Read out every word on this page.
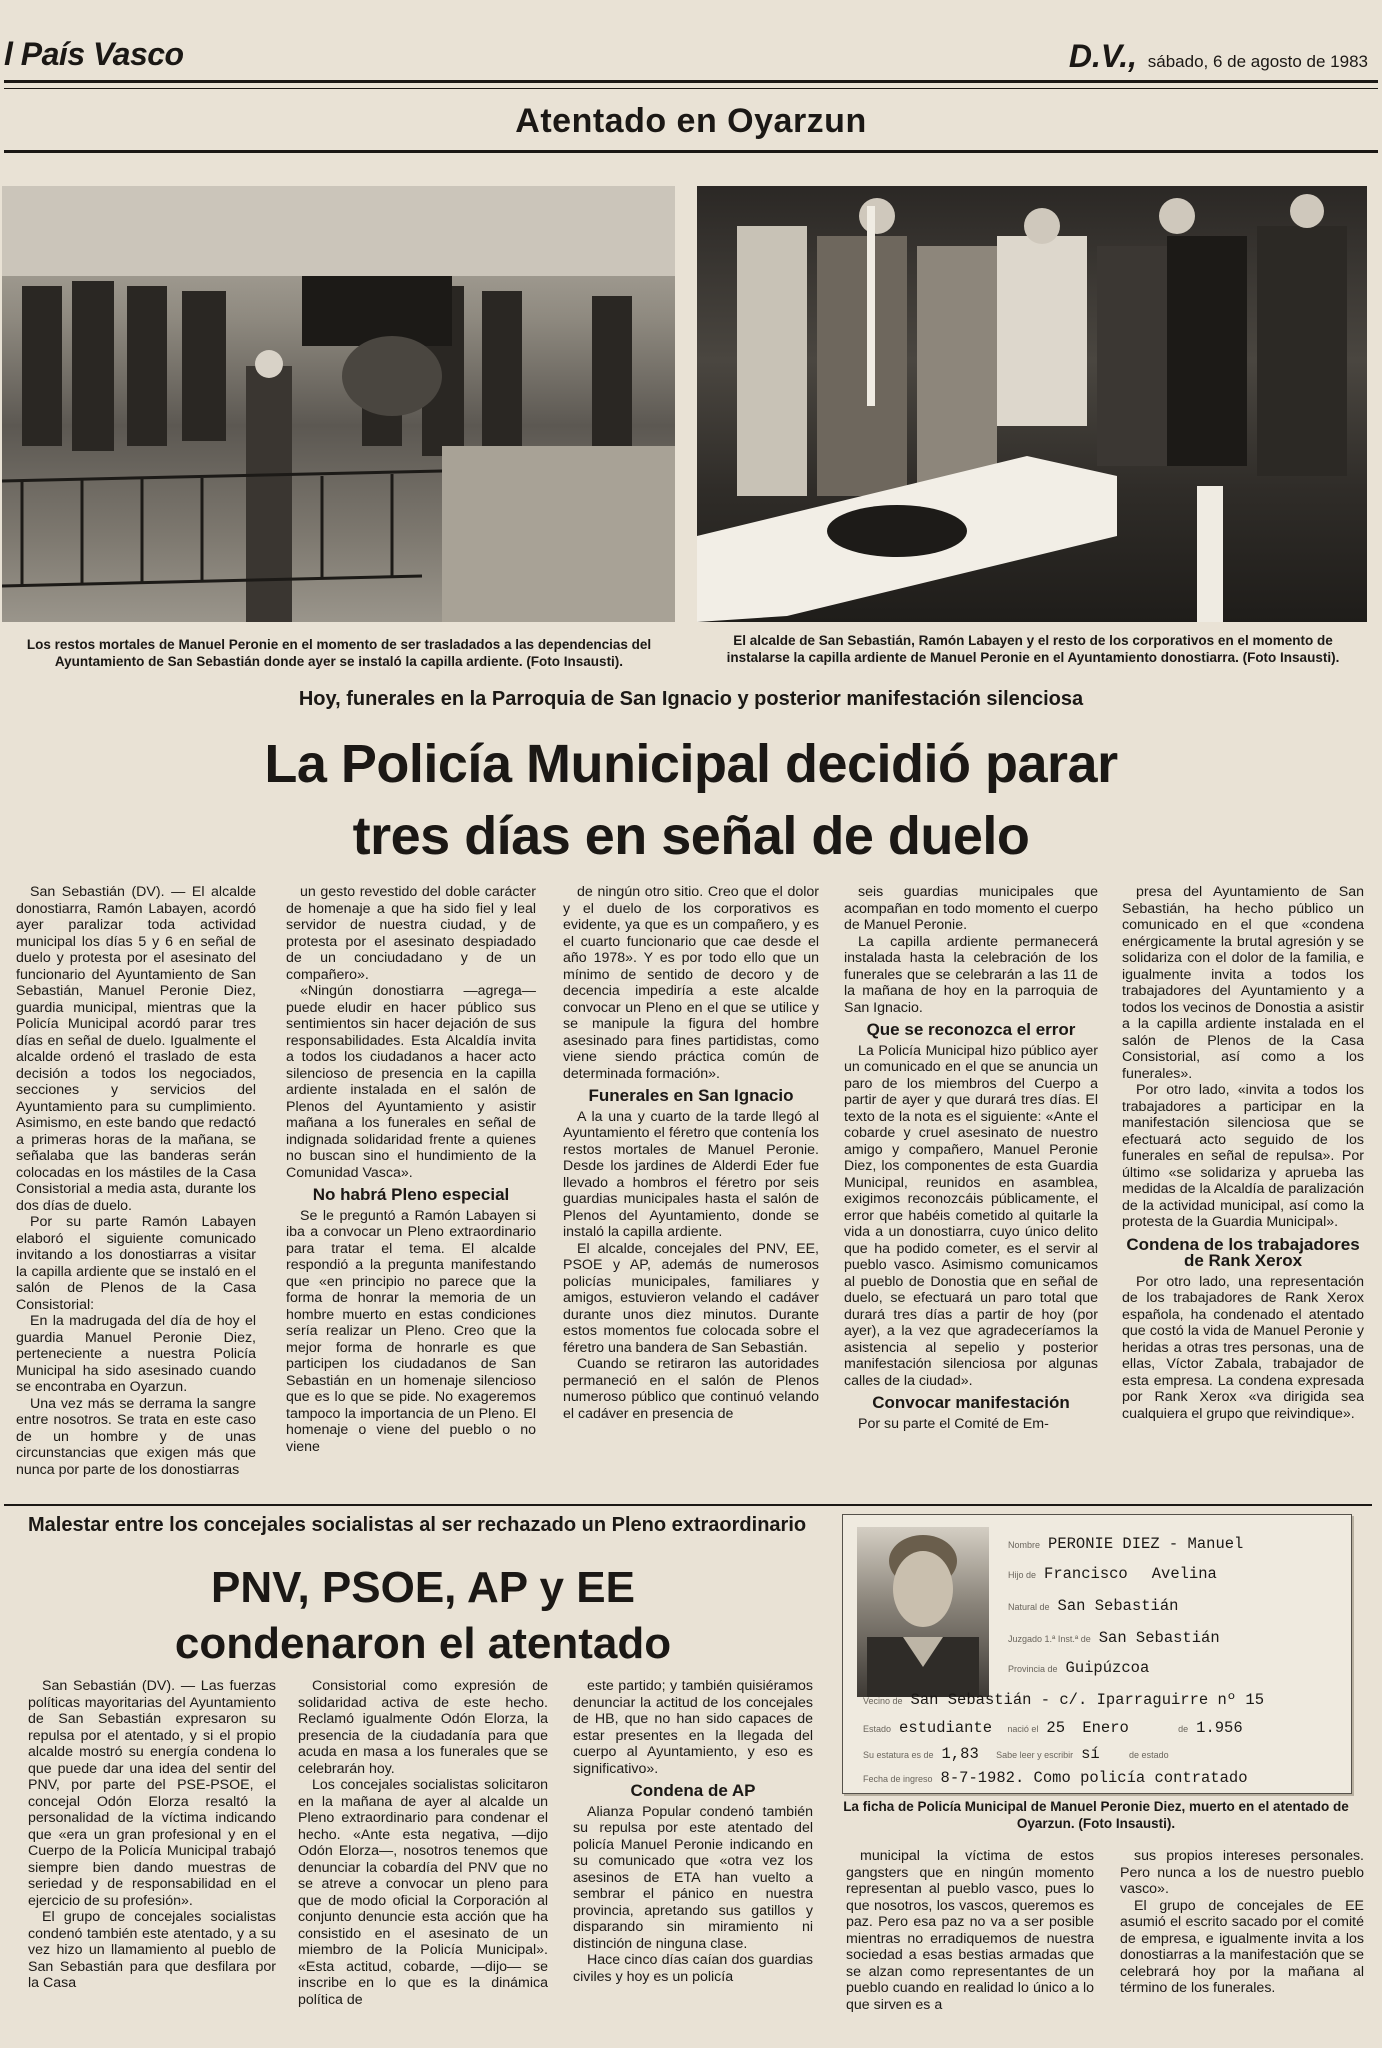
l País Vasco	D.V., sábado, 6 de agosto de 1983
Atentado en Oyarzun
Los restos mortales de Manuel Peronie en el momento de ser trasladados a las dependencias del Ayuntamiento de San Sebastián donde ayer se instaló la capilla ardiente. (Foto Insausti).
El alcalde de San Sebastián, Ramón Labayen y el resto de los corporativos en el momento de instalarse la capilla ardiente de Manuel Peronie en el Ayuntamiento donostiarra. (Foto Insausti).
Hoy, funerales en la Parroquia de San Ignacio y posterior manifestación silenciosa
La Policía Municipal decidió parar
tres días en señal de duelo

San Sebastián (DV). — El alcalde donostiarra, Ramón Labayen, acordó ayer paralizar toda actividad municipal los días 5 y 6 en señal de duelo y protesta por el asesinato del funcionario del Ayuntamiento de San Sebastián, Manuel Peronie Diez, guardia municipal, mientras que la Policía Municipal acordó parar tres días en señal de duelo. Igualmente el alcalde ordenó el traslado de esta decisión a todos los negociados, secciones y servicios del Ayuntamiento para su cumplimiento. Asimismo, en este bando que redactó a primeras horas de la mañana, se señalaba que las banderas serán colocadas en los mástiles de la Casa Consistorial a media asta, durante los dos días de duelo.

Por su parte Ramón Labayen elaboró el siguiente comunicado invitando a los donostiarras a visitar la capilla ardiente que se instaló en el salón de Plenos de la Casa Consistorial:

En la madrugada del día de hoy el guardia Manuel Peronie Diez, perteneciente a nuestra Policía Municipal ha sido asesinado cuando se encontraba en Oyarzun.

Una vez más se derrama la sangre entre nosotros. Se trata en este caso de un hombre y de unas circunstancias que exigen más que nunca por parte de los donostiarras

un gesto revestido del doble carácter de homenaje a que ha sido fiel y leal servidor de nuestra ciudad, y de protesta por el asesinato despiadado de un conciudadano y de un compañero».

«Ningún donostiarra —agrega— puede eludir en hacer público sus sentimientos sin hacer dejación de sus responsabilidades. Esta Alcaldía invita a todos los ciudadanos a hacer acto silencioso de presencia en la capilla ardiente instalada en el salón de Plenos del Ayuntamiento y asistir mañana a los funerales en señal de indignada solidaridad frente a quienes no buscan sino el hundimiento de la Comunidad Vasca».

No habrá Pleno especial

Se le preguntó a Ramón Labayen si iba a convocar un Pleno extraordinario para tratar el tema. El alcalde respondió a la pregunta manifestando que «en principio no parece que la forma de honrar la memoria de un hombre muerto en estas condiciones sería realizar un Pleno. Creo que la mejor forma de honrarle es que participen los ciudadanos de San Sebastián en un homenaje silencioso que es lo que se pide. No exageremos tampoco la importancia de un Pleno. El homenaje o viene del pueblo o no viene

de ningún otro sitio. Creo que el dolor y el duelo de los corporativos es evidente, ya que es un compañero, y es el cuarto funcionario que cae desde el año 1978». Y es por todo ello que un mínimo de sentido de decoro y de decencia impediría a este alcalde convocar un Pleno en el que se utilice y se manipule la figura del hombre asesinado para fines partidistas, como viene siendo práctica común de determinada formación».

Funerales en San Ignacio

A la una y cuarto de la tarde llegó al Ayuntamiento el féretro que contenía los restos mortales de Manuel Peronie. Desde los jardines de Alderdi Eder fue llevado a hombros el féretro por seis guardias municipales hasta el salón de Plenos del Ayuntamiento, donde se instaló la capilla ardiente.

El alcalde, concejales del PNV, EE, PSOE y AP, además de numerosos policías municipales, familiares y amigos, estuvieron velando el cadáver durante unos diez minutos. Durante estos momentos fue colocada sobre el féretro una bandera de San Sebastián.

Cuando se retiraron las autoridades permaneció en el salón de Plenos numeroso público que continuó velando el cadáver en presencia de

seis guardias municipales que acompañan en todo momento el cuerpo de Manuel Peronie.

La capilla ardiente permanecerá instalada hasta la celebración de los funerales que se celebrarán a las 11 de la mañana de hoy en la parroquia de San Ignacio.

Que se reconozca el error

La Policía Municipal hizo público ayer un comunicado en el que se anuncia un paro de los miembros del Cuerpo a partir de ayer y que durará tres días. El texto de la nota es el siguiente: «Ante el cobarde y cruel asesinato de nuestro amigo y compañero, Manuel Peronie Diez, los componentes de esta Guardia Municipal, reunidos en asamblea, exigimos reconozcáis públicamente, el error que habéis cometido al quitarle la vida a un donostiarra, cuyo único delito que ha podido cometer, es el servir al pueblo vasco. Asimismo comunicamos al pueblo de Donostia que en señal de duelo, se efectuará un paro total que durará tres días a partir de hoy (por ayer), a la vez que agradeceríamos la asistencia al sepelio y posterior manifestación silenciosa por algunas calles de la ciudad».

Convocar manifestación

Por su parte el Comité de Em-

presa del Ayuntamiento de San Sebastián, ha hecho público un comunicado en el que «condena enérgicamente la brutal agresión y se solidariza con el dolor de la familia, e igualmente invita a todos los trabajadores del Ayuntamiento y a todos los vecinos de Donostia a asistir a la capilla ardiente instalada en el salón de Plenos de la Casa Consistorial, así como a los funerales».

Por otro lado, «invita a todos los trabajadores a participar en la manifestación silenciosa que se efectuará acto seguido de los funerales en señal de repulsa». Por último «se solidariza y aprueba las medidas de la Alcaldía de paralización de la actividad municipal, así como la protesta de la Guardia Municipal».

Condena de los trabajadores de Rank Xerox

Por otro lado, una representación de los trabajadores de Rank Xerox española, ha condenado el atentado que costó la vida de Manuel Peronie y heridas a otras tres personas, una de ellas, Víctor Zabala, trabajador de esta empresa. La condena expresada por Rank Xerox «va dirigida sea cualquiera el grupo que reivindique».

Malestar entre los concejales socialistas al ser rechazado un Pleno extraordinario
PNV, PSOE, AP y EE
condenaron el atentado

San Sebastián (DV). — Las fuerzas políticas mayoritarias del Ayuntamiento de San Sebastián expresaron su repulsa por el atentado, y si el propio alcalde mostró su energía condena lo que puede dar una idea del sentir del PNV, por parte del PSE-PSOE, el concejal Odón Elorza resaltó la personalidad de la víctima indicando que «era un gran profesional y en el Cuerpo de la Policía Municipal trabajó siempre bien dando muestras de seriedad y de responsabilidad en el ejercicio de su profesión».

El grupo de concejales socialistas condenó también este atentado, y a su vez hizo un llamamiento al pueblo de San Sebastián para que desfilara por la Casa

Consistorial como expresión de solidaridad activa de este hecho. Reclamó igualmente Odón Elorza, la presencia de la ciudadanía para que acuda en masa a los funerales que se celebrarán hoy.

Los concejales socialistas solicitaron en la mañana de ayer al alcalde un Pleno extraordinario para condenar el hecho. «Ante esta negativa, —dijo Odón Elorza—, nosotros tenemos que denunciar la cobardía del PNV que no se atreve a convocar un pleno para que de modo oficial la Corporación al conjunto denuncie esta acción que ha consistido en el asesinato de un miembro de la Policía Municipal». «Esta actitud, cobarde, —dijo— se inscribe en lo que es la dinámica política de

este partido; y también quisiéramos denunciar la actitud de los concejales de HB, que no han sido capaces de estar presentes en la llegada del cuerpo al Ayuntamiento, y eso es significativo».

Condena de AP

Alianza Popular condenó también su repulsa por este atentado del policía Manuel Peronie indicando en su comunicado que «otra vez los asesinos de ETA han vuelto a sembrar el pánico en nuestra provincia, apretando sus gatillos y disparando sin miramiento ni distinción de ninguna clase.

Hace cinco días caían dos guardias civiles y hoy es un policía

municipal la víctima de estos gangsters que en ningún momento representan al pueblo vasco, pues lo que nosotros, los vascos, queremos es paz. Pero esa paz no va a ser posible mientras no erradiquemos de nuestra sociedad a esas bestias armadas que se alzan como representantes de un pueblo cuando en realidad lo único a lo que sirven es a

sus propios intereses personales. Pero nunca a los de nuestro pueblo vasco».

El grupo de concejales de EE asumió el escrito sacado por el comité de empresa, e igualmente invita a los donostiarras a la manifestación que se celebrará hoy por la mañana al término de los funerales.

Nombre PERONIE DIEZ - Manuel
Hijo de Francisco Avelina
Natural de San Sebastián
Juzgado 1.ª Inst.ª de San Sebastián
Provincia de Guipúzcoa
Vecino de San Sebastián - c/. Iparraguirre nº 15
Estado estudiante nació el 25 Enero	de 1.956
Su estatura es de 1,83 Sabe leer y escribir sí	de estado
Fecha de ingreso 8-7-1982. Como policía contratado
La ficha de Policía Municipal de Manuel Peronie Diez, muerto en el atentado de Oyarzun. (Foto Insausti).
